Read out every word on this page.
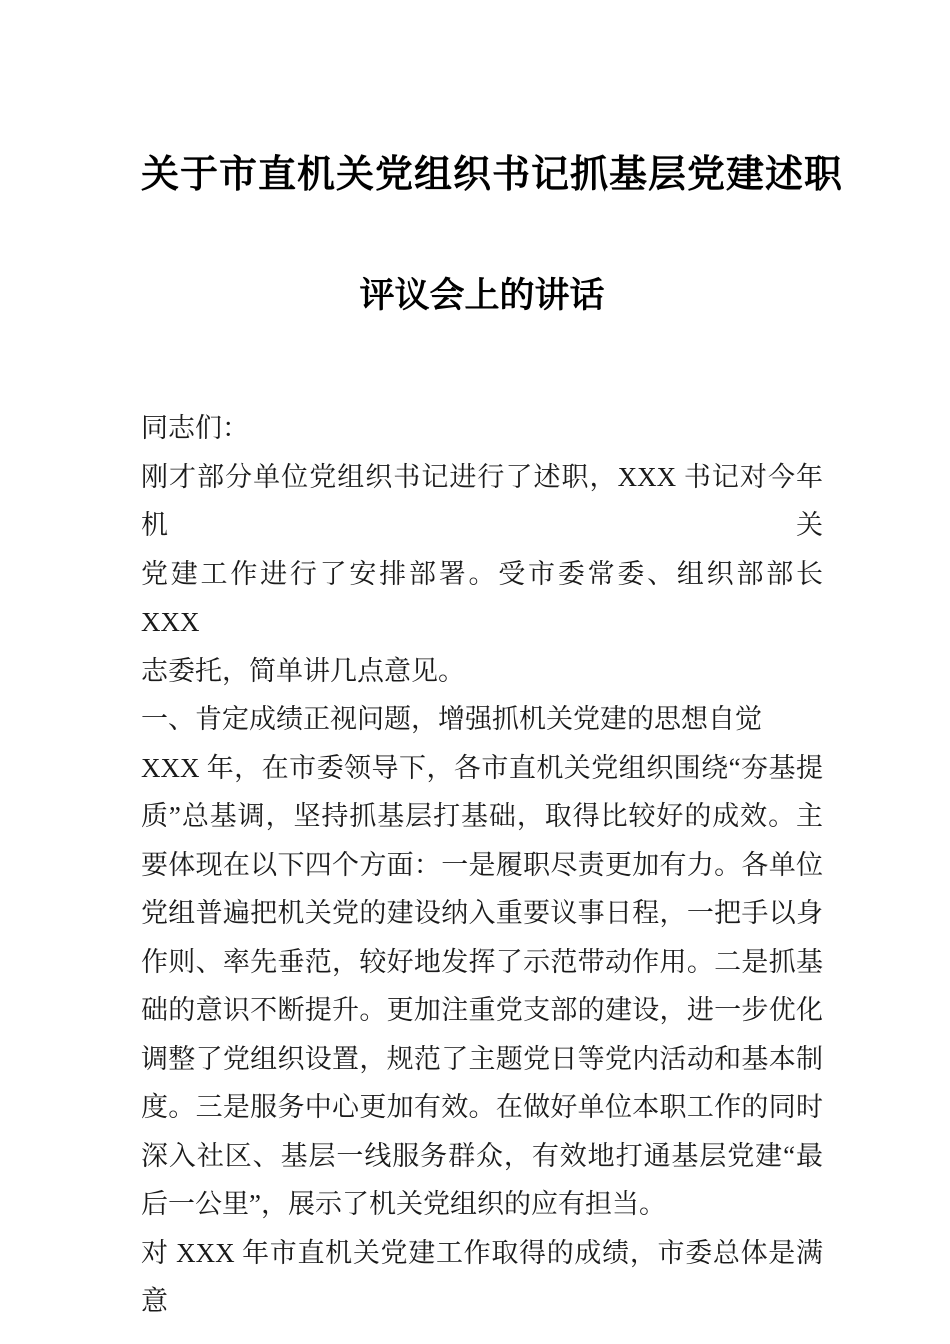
关于市直机关党组织书记抓基层党建述职
评议会上的讲话
同志们：
刚才部分单位党组织书记进行了述职，XXX 书记对今年机关
党建工作进行了安排部署。受市委常委、组织部部长 XXX
志委托，简单讲几点意见。
一、肯定成绩正视问题，增强抓机关党建的思想自觉
XXX 年，在市委领导下，各市直机关党组织围绕“夯基提
质”总基调，坚持抓基层打基础，取得比较好的成效。主
要体现在以下四个方面：一是履职尽责更加有力。各单位
党组普遍把机关党的建设纳入重要议事日程，一把手以身
作则、率先垂范，较好地发挥了示范带动作用。二是抓基
础的意识不断提升。更加注重党支部的建设，进一步优化
调整了党组织设置，规范了主题党日等党内活动和基本制
度。三是服务中心更加有效。在做好单位本职工作的同时
深入社区、基层一线服务群众，有效地打通基层党建“最
后一公里”，展示了机关党组织的应有担当。
对 XXX 年市直机关党建工作取得的成绩，市委总体是满意
